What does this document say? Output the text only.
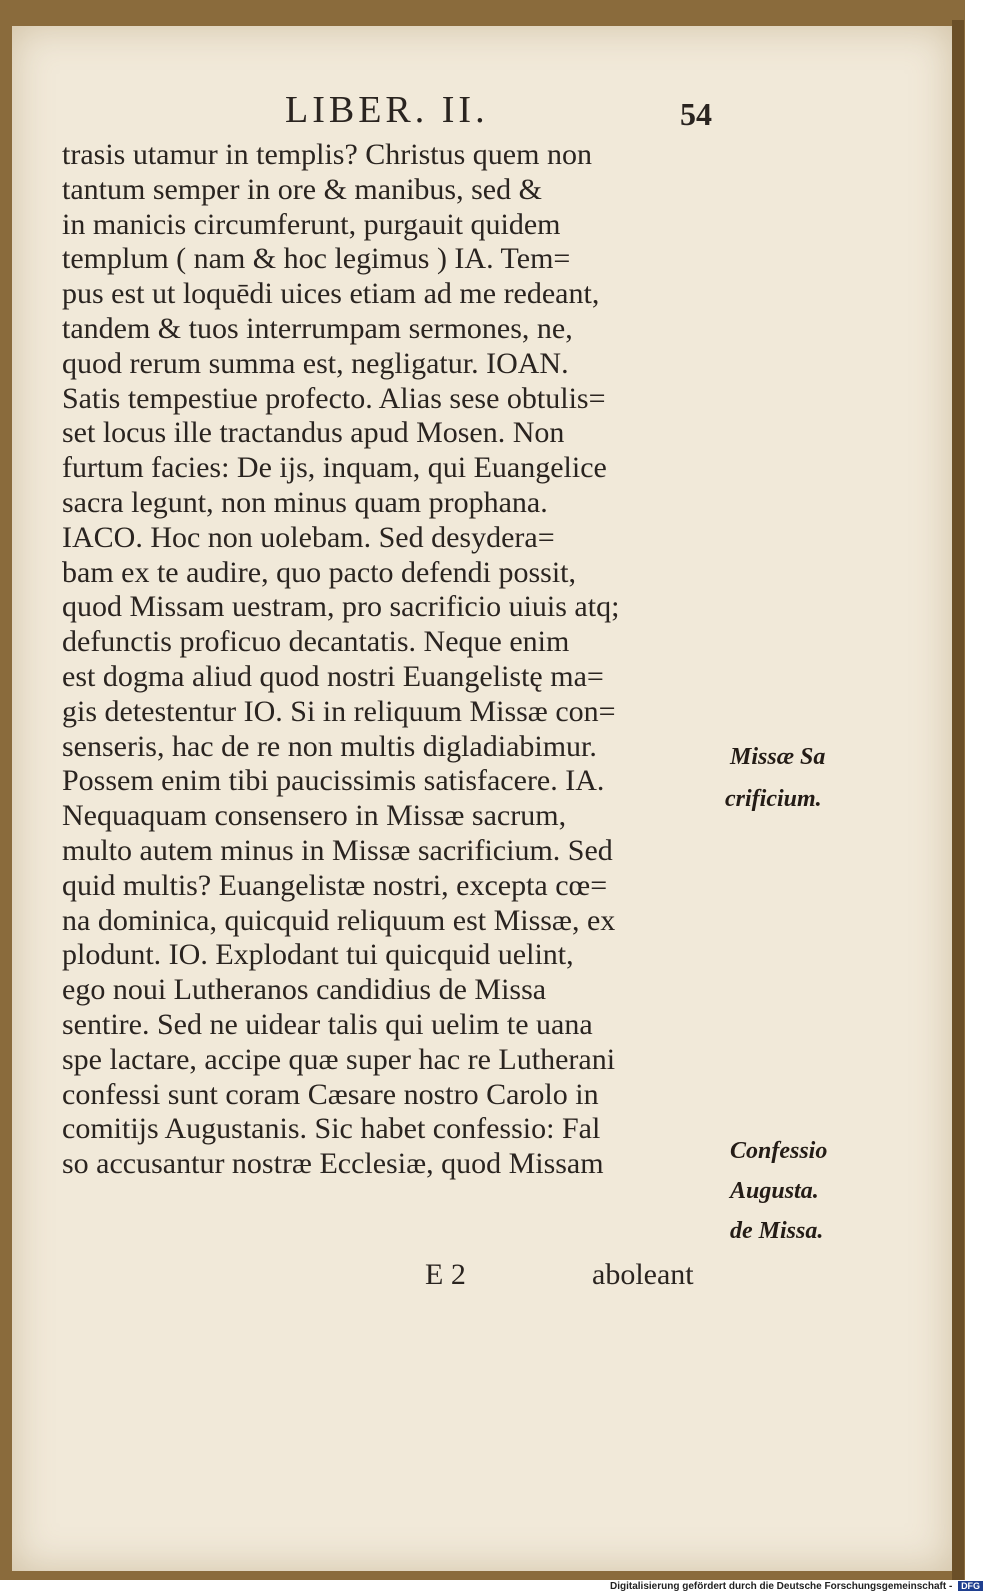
LIBER. II.	54
trasis utamur in templis? Christus quem non
tantum semper in ore & manibus, sed &
in manicis circumferunt, purgauit quidem
templum ( nam & hoc legimus ) IA. Tem=
pus est ut loquēdi uices etiam ad me redeant,
tandem & tuos interrumpam sermones, ne,
quod rerum summa est, negligatur. IOAN.
Satis tempestiue profecto. Alias sese obtulis=
set locus ille tractandus apud Mosen. Non
furtum facies: De ijs, inquam, qui Euangelice
sacra legunt, non minus quam prophana.
IACO. Hoc non uolebam. Sed desydera=
bam ex te audire, quo pacto defendi possit,
quod Missam uestram, pro sacrificio uiuis atq;
defunctis proficuo decantatis. Neque enim
est dogma aliud quod nostri Euangelistę ma=
gis detestentur IO. Si in reliquum Missæ con=
senseris, hac de re non multis digladiabimur.
Possem enim tibi paucissimis satisfacere. IA.
Nequaquam consensero in Missæ sacrum,
multo autem minus in Missæ sacrificium. Sed
quid multis? Euangelistæ nostri, excepta cœ=
na dominica, quicquid reliquum est Missæ, ex
plodunt. IO. Explodant tui quicquid uelint,
ego noui Lutheranos candidius de Missa
sentire. Sed ne uidear talis qui uelim te uana
spe lactare, accipe quæ super hac re Lutherani
confessi sunt coram Cæsare nostro Carolo in
comitijs Augustanis. Sic habet confessio: Fal
so accusantur nostræ Ecclesiæ, quod Missam
Missæ Sa
crificium.
Confessio
Augusta.
de Missa.
E 2	aboleant
Digitalisierung gefördert durch die Deutsche Forschungsgemeinschaft - DFG
